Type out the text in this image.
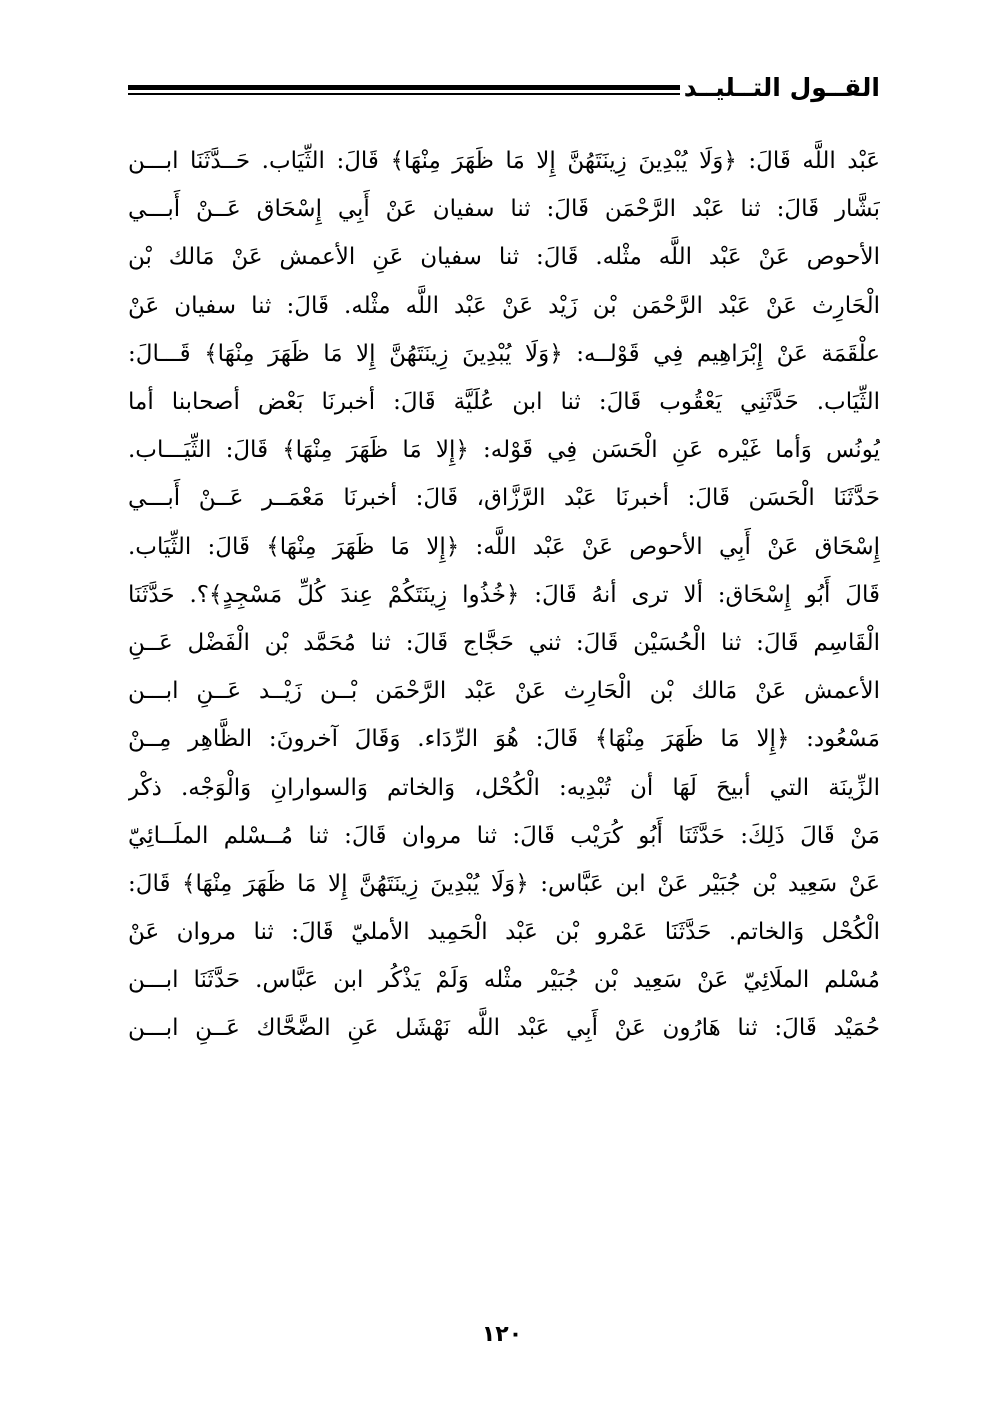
القــول التــليــد
عَبْد اللَّه قَالَ: ﴿وَلَا يُبْدِينَ زِينَتَهُنَّ إِلا مَا ظَهَرَ مِنْهَا﴾ قَالَ: الثِّيَاب. حَــدَّثَنَا ابـــن
بَشَّار قَالَ: ثنا عَبْد الرَّحْمَن قَالَ: ثنا سفيان عَنْ أَبِي إِسْحَاق عَــنْ أَبـــي
الأحوص عَنْ عَبْد اللَّه مثْله. قَالَ: ثنا سفيان عَنِ الأعمش عَنْ مَالك بْن
الْحَارِث عَنْ عَبْد الرَّحْمَن بْن زَيْد عَنْ عَبْد اللَّه مثْله. قَالَ: ثنا سفيان عَنْ
علْقَمَة عَنْ إِبْرَاهِيم فِي قَوْلــه: ﴿وَلَا يُبْدِينَ زِينَتَهُنَّ إِلا مَا ظَهَرَ مِنْهَا﴾ قَـــالَ:
الثِّيَاب. حَدَّثَنِي يَعْقُوب قَالَ: ثنا ابن عُلَيَّة قَالَ: أخبرنَا بَعْض أصحابنا أما
يُونُس وَأما غَيْره عَنِ الْحَسَن فِي قَوْله: ﴿إِلا مَا ظَهَرَ مِنْهَا﴾ قَالَ: الثِّيَـــاب.
حَدَّثَنَا الْحَسَن قَالَ: أخبرنَا عَبْد الرَّزَّاق، قَالَ: أخبرنَا مَعْمَــر عَــنْ أَبـــي
إِسْحَاق عَنْ أَبِي الأحوص عَنْ عَبْد اللَّه: ﴿إِلا مَا ظَهَرَ مِنْهَا﴾ قَالَ: الثِّيَاب.
قَالَ أَبُو إِسْحَاق: ألا ترى أنهُ قَالَ: ﴿خُذُوا زِينَتَكُمْ عِندَ كُلِّ مَسْجِدٍ﴾؟. حَدَّثَنَا
الْقَاسِم قَالَ: ثنا الْحُسَيْن قَالَ: ثني حَجَّاج قَالَ: ثنا مُحَمَّد بْن الْفَضْل عَــنِ
الأعمش عَنْ مَالك بْن الْحَارِث عَنْ عَبْد الرَّحْمَن بْــن زَيْــد عَــنِ ابـــن
مَسْعُود: ﴿إِلا مَا ظَهَرَ مِنْهَا﴾ قَالَ: هُوَ الرِّدَاء. وَقَالَ آخرونَ: الظَّاهِر مِــنْ
الزِّينَة التي أبيحَ لَهَا أن تُبْدِيه: الْكُحْل، وَالخاتم وَالسوارانِ وَالْوَجْه. ذكْر
مَنْ قَالَ ذَلِكَ: حَدَّثَنَا أَبُو كُرَيْب قَالَ: ثنا مروان قَالَ: ثنا مُــسْلم الملَــائِيّ
عَنْ سَعِيد بْن جُبَيْر عَنْ ابن عَبَّاس: ﴿وَلَا يُبْدِينَ زِينَتَهُنَّ إِلا مَا ظَهَرَ مِنْهَا﴾ قَالَ:
الْكُحْل وَالخاتم. حَدَّثَنَا عَمْرو بْن عَبْد الْحَمِيد الأمليّ قَالَ: ثنا مروان عَنْ
مُسْلم الملَائِيّ عَنْ سَعِيد بْن جُبَيْر مثْله وَلَمْ يَذْكُر ابن عَبَّاس. حَدَّثَنَا ابـــن
حُمَيْد قَالَ: ثنا هَارُون عَنْ أَبِي عَبْد اللَّه نَهْشَل عَنِ الضَّحَّاك عَــنِ ابـــن
١٢٠
